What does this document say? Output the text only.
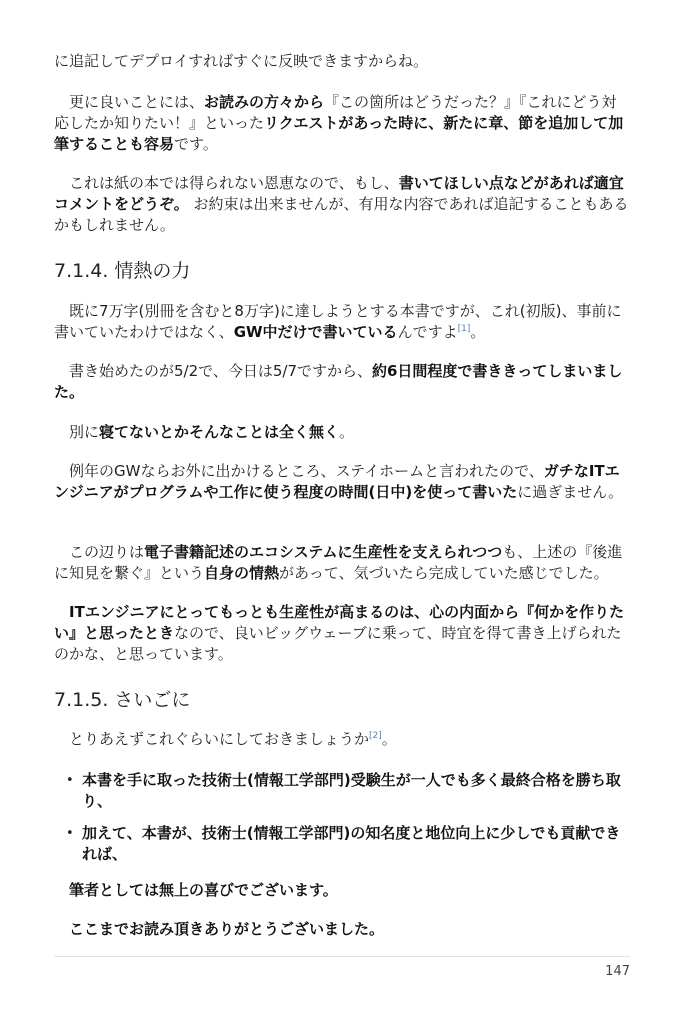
に追記してデプロイすればすぐに反映できますからね。

更に良いことには、お読みの方々から『この箇所はどうだった？』『これにどう対応したか知りたい！』といったリクエストがあった時に、新たに章、節を追加して加筆することも容易です。

これは紙の本では得られない恩恵なので、もし、書いてほしい点などがあれば適宜コメントをどうぞ。 お約束は出来ませんが、有用な内容であれば追記することもあるかもしれません。

7.1.4. 情熱の力

既に7万字(別冊を含むと8万字)に達しようとする本書ですが、これ(初版)、事前に書いていたわけではなく、GW中だけで書いているんですよ[1]。

書き始めたのが5/2で、今日は5/7ですから、約6日間程度で書ききってしまいました。

別に寝てないとかそんなことは全く無く。

例年のGWならお外に出かけるところ、ステイホームと言われたので、ガチなITエンジニアがプログラムや工作に使う程度の時間(日中)を使って書いたに過ぎません。

この辺りは電子書籍記述のエコシステムに生産性を支えられつつも、上述の『後進に知見を繋ぐ』という自身の情熱があって、気づいたら完成していた感じでした。

ITエンジニアにとってもっとも生産性が高まるのは、心の内面から『何かを作りたい』と思ったときなので、良いビッグウェーブに乗って、時宜を得て書き上げられたのかな、と思っています。

7.1.5. さいごに

とりあえずこれぐらいにしておきましょうか[2]。

• 本書を手に取った技術士(情報工学部門)受験生が一人でも多く最終合格を勝ち取り、
• 加えて、本書が、技術士(情報工学部門)の知名度と地位向上に少しでも貢献できれば、

筆者としては無上の喜びでございます。

ここまでお読み頂きありがとうございました。

147
